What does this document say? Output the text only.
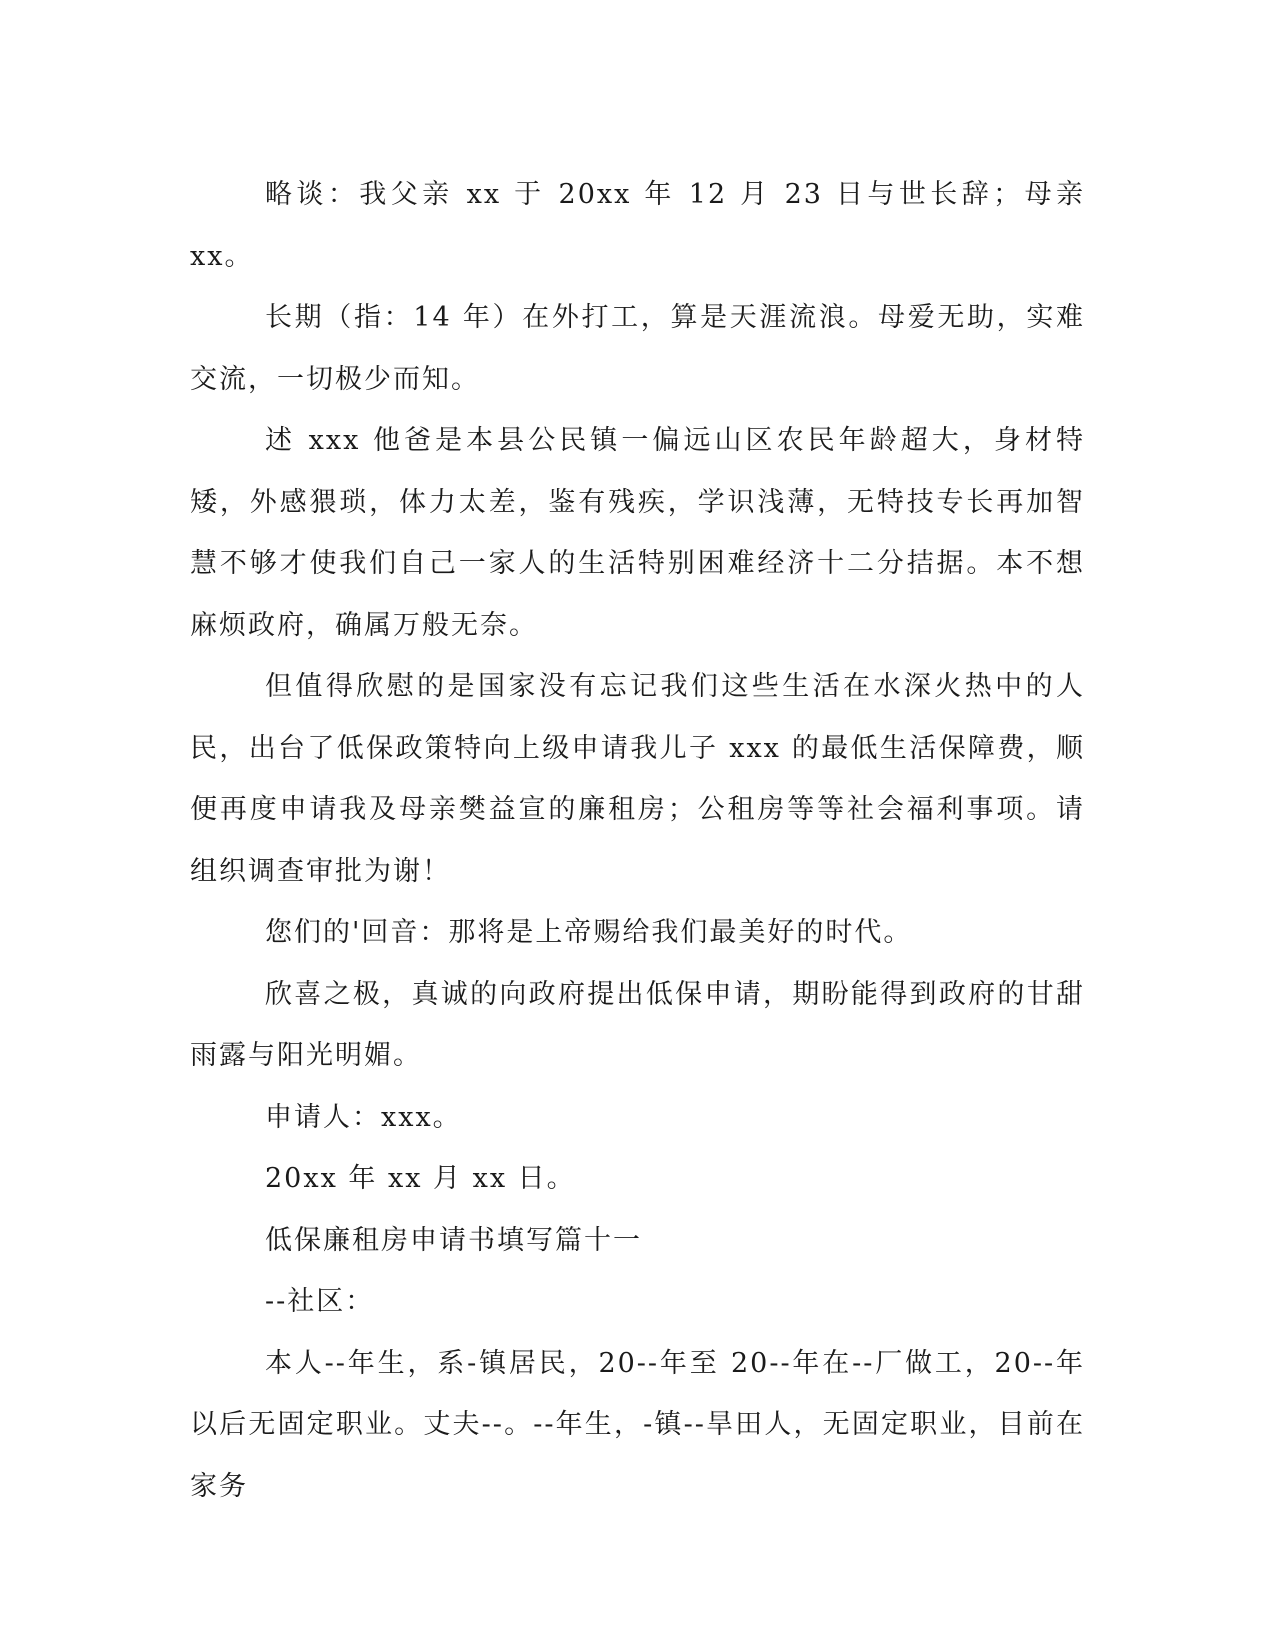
略谈：我父亲 xx 于 20xx 年 12 月 23 日与世长辞；母亲 xx。

长期（指：14 年）在外打工，算是天涯流浪。母爱无助，实难交流，一切极少而知。

述 xxx 他爸是本县公民镇一偏远山区农民年龄超大，身材特矮，外感猥琐，体力太差，鉴有残疾，学识浅薄，无特技专长再加智慧不够才使我们自己一家人的生活特别困难经济十二分拮据。本不想麻烦政府，确属万般无奈。

但值得欣慰的是国家没有忘记我们这些生活在水深火热中的人民，出台了低保政策特向上级申请我儿子 xxx 的最低生活保障费，顺便再度申请我及母亲樊益宣的廉租房；公租房等等社会福利事项。请组织调查审批为谢！

您们的'回音：那将是上帝赐给我们最美好的时代。

欣喜之极，真诚的向政府提出低保申请，期盼能得到政府的甘甜雨露与阳光明媚。

申请人：xxx。

20xx 年 xx 月 xx 日。

低保廉租房申请书填写篇十一

--社区：

本人--年生，系-镇居民，20--年至 20--年在--厂做工，20--年以后无固定职业。丈夫--。--年生，-镇--旱田人，无固定职业，目前在家务
